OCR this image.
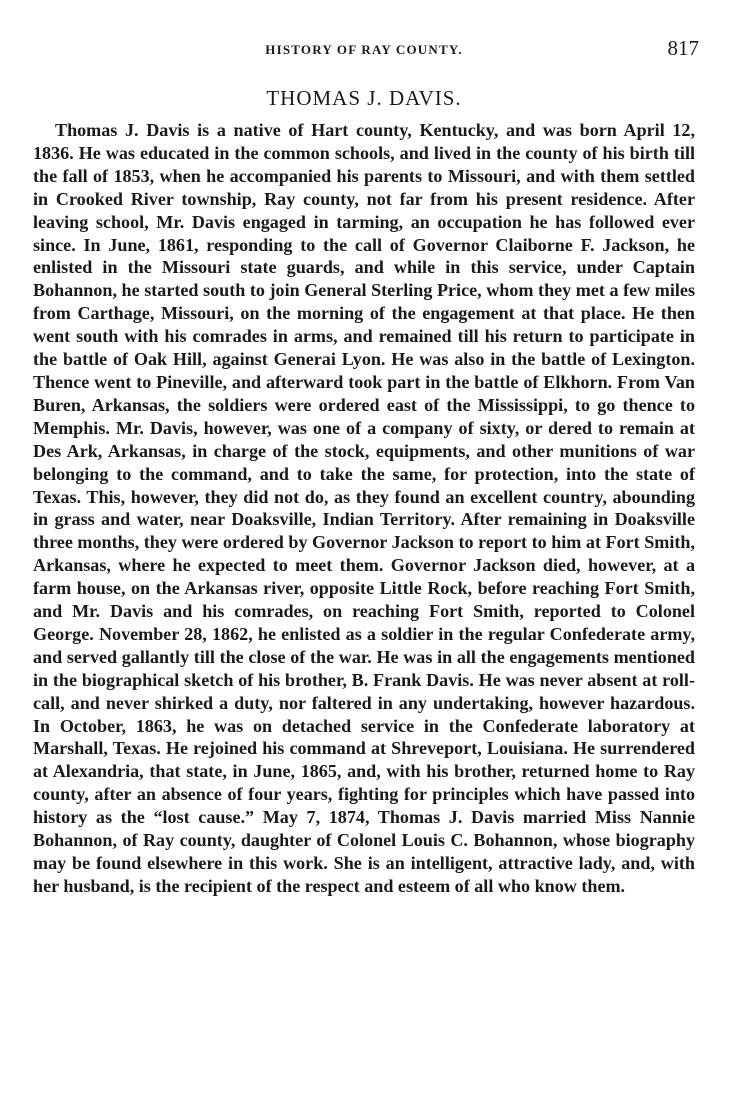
HISTORY OF RAY COUNTY.	817
THOMAS J. DAVIS.

Thomas J. Davis is a native of Hart county, Kentucky, and was born April 12, 1836. He was educated in the common schools, and lived in the county of his birth till the fall of 1853, when he accompanied his parents to Missouri, and with them settled in Crooked River township, Ray county, not far from his present residence. After leaving school, Mr. Davis engaged in tarming, an occupation he has followed ever since. In June, 1861, responding to the call of Governor Claiborne F. Jackson, he enlisted in the Missouri state guards, and while in this service, under Captain Bohannon, he started south to join General Sterling Price, whom they met a few miles from Carthage, Missouri, on the morning of the engagement at that place. He then went south with his comrades in arms, and remained till his return to participate in the battle of Oak Hill, against Generai Lyon. He was also in the battle of Lexington. Thence went to Pineville, and afterward took part in the battle of Elkhorn. From Van Buren, Arkansas, the soldiers were ordered east of the Mississippi, to go thence to Memphis. Mr. Davis, however, was one of a company of sixty, or dered to remain at Des Ark, Arkansas, in charge of the stock, equipments, and other munitions of war belonging to the command, and to take the same, for protection, into the state of Texas. This, however, they did not do, as they found an excellent country, abounding in grass and water, near Doaksville, Indian Territory. After remaining in Doaksville three months, they were ordered by Governor Jackson to report to him at Fort Smith, Arkansas, where he expected to meet them. Governor Jackson died, however, at a farm house, on the Arkansas river, opposite Little Rock, before reaching Fort Smith, and Mr. Davis and his comrades, on reaching Fort Smith, reported to Colonel George. November 28, 1862, he enlisted as a soldier in the regular Confederate army, and served gallantly till the close of the war. He was in all the engagements mentioned in the biographical sketch of his brother, B. Frank Davis. He was never absent at roll-call, and never shirked a duty, nor faltered in any undertaking, however hazardous. In October, 1863, he was on detached service in the Confederate laboratory at Marshall, Texas. He rejoined his command at Shreveport, Louisiana. He surrendered at Alexandria, that state, in June, 1865, and, with his brother, returned home to Ray county, after an absence of four years, fighting for principles which have passed into history as the “lost cause.” May 7, 1874, Thomas J. Davis married Miss Nannie Bohannon, of Ray county, daughter of Colonel Louis C. Bohannon, whose biography may be found elsewhere in this work. She is an intelligent, attractive lady, and, with her husband, is the recipient of the respect and esteem of all who know them.
